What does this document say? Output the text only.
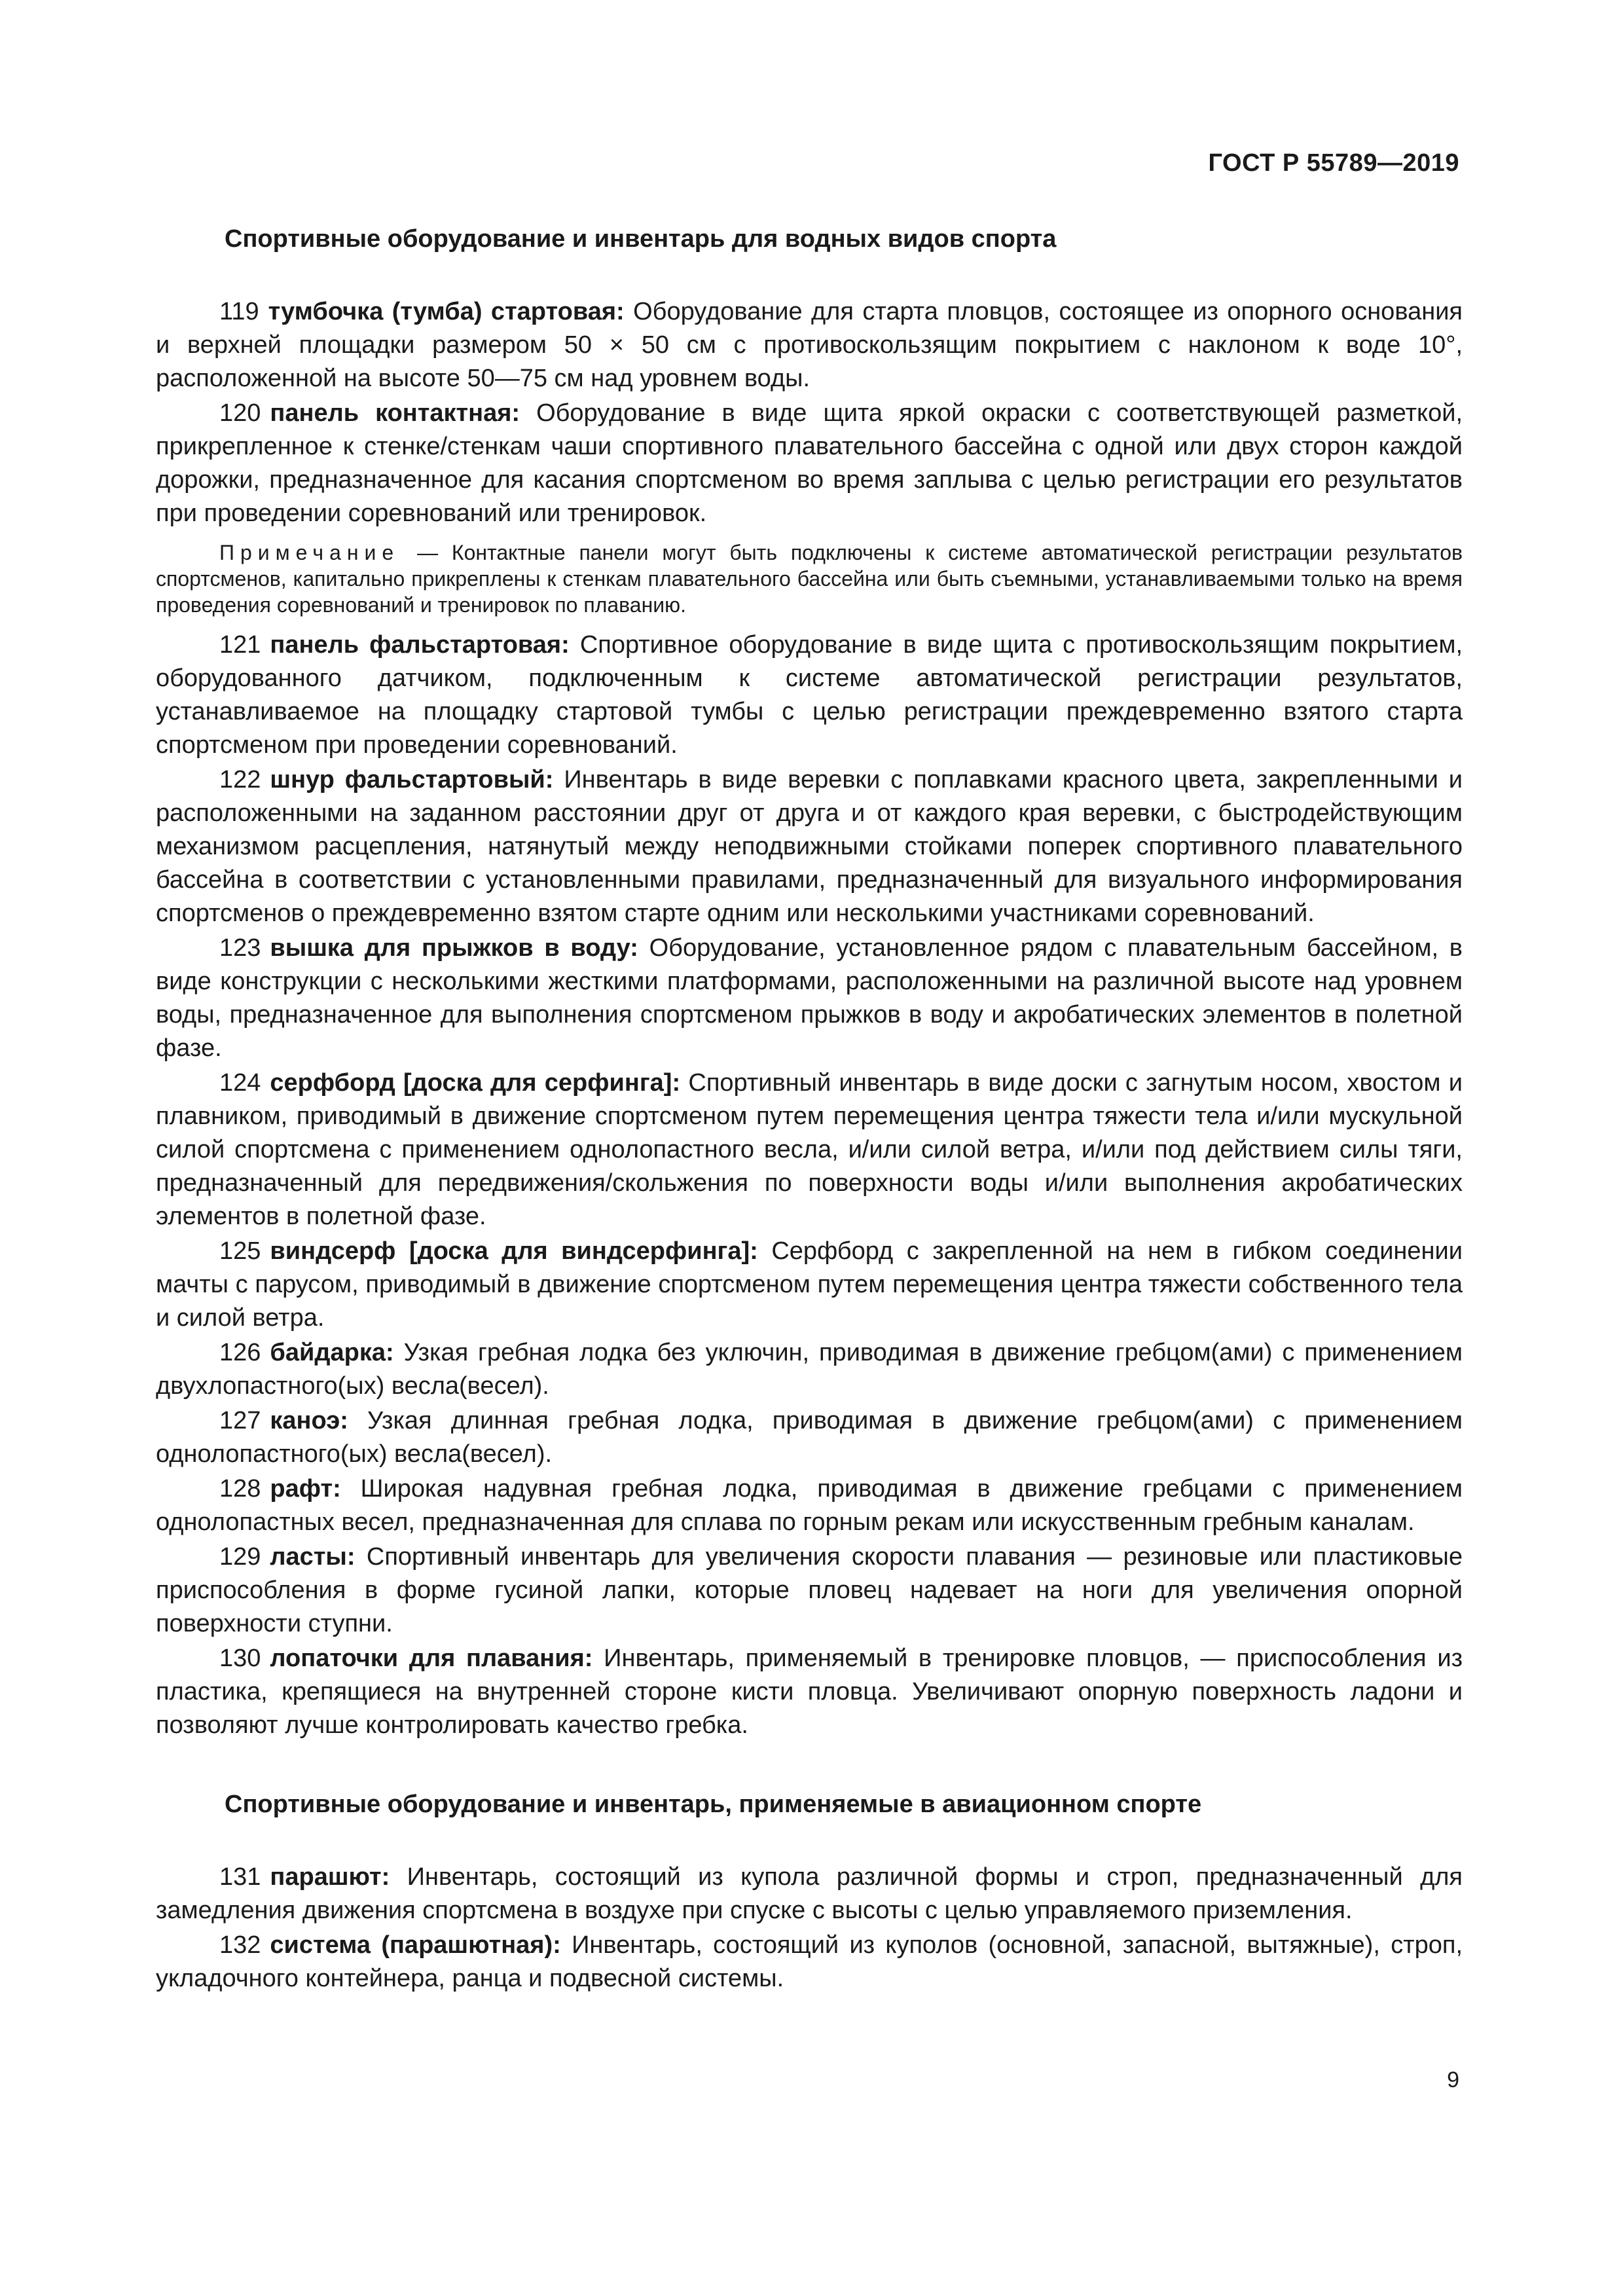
ГОСТ Р 55789—2019
Спортивные оборудование и инвентарь для водных видов спорта

119 тумбочка (тумба) стартовая: Оборудование для старта пловцов, состоящее из опорного основания и верхней площадки размером 50 × 50 см с противоскользящим покрытием с наклоном к воде 10°, расположенной на высоте 50—75 см над уровнем воды.

120 панель контактная: Оборудование в виде щита яркой окраски с соответствующей разметкой, прикрепленное к стенке/стенкам чаши спортивного плавательного бассейна с одной или двух сторон каждой дорожки, предназначенное для касания спортсменом во время заплыва с целью регистрации его результатов при проведении соревнований или тренировок.

Примечание — Контактные панели могут быть подключены к системе автоматической регистрации результатов спортсменов, капитально прикреплены к стенкам плавательного бассейна или быть съемными, устанавливаемыми только на время проведения соревнований и тренировок по плаванию.

121 панель фальстартовая: Спортивное оборудование в виде щита с противоскользящим покрытием, оборудованного датчиком, подключенным к системе автоматической регистрации результатов, устанавливаемое на площадку стартовой тумбы с целью регистрации преждевременно взятого старта спортсменом при проведении соревнований.

122 шнур фальстартовый: Инвентарь в виде веревки с поплавками красного цвета, закрепленными и расположенными на заданном расстоянии друг от друга и от каждого края веревки, с быстродействующим механизмом расцепления, натянутый между неподвижными стойками поперек спортивного плавательного бассейна в соответствии с установленными правилами, предназначенный для визуального информирования спортсменов о преждевременно взятом старте одним или несколькими участниками соревнований.

123 вышка для прыжков в воду: Оборудование, установленное рядом с плавательным бассейном, в виде конструкции с несколькими жесткими платформами, расположенными на различной высоте над уровнем воды, предназначенное для выполнения спортсменом прыжков в воду и акробатических элементов в полетной фазе.

124 серфборд [доска для серфинга]: Спортивный инвентарь в виде доски с загнутым носом, хвостом и плавником, приводимый в движение спортсменом путем перемещения центра тяжести тела и/или мускульной силой спортсмена с применением однолопастного весла, и/или силой ветра, и/или под действием силы тяги, предназначенный для передвижения/скольжения по поверхности воды и/или выполнения акробатических элементов в полетной фазе.

125 виндсерф [доска для виндсерфинга]: Серфборд с закрепленной на нем в гибком соединении мачты с парусом, приводимый в движение спортсменом путем перемещения центра тяжести собственного тела и силой ветра.

126 байдарка: Узкая гребная лодка без уключин, приводимая в движение гребцом(ами) с применением двухлопастного(ых) весла(весел).

127 каноэ: Узкая длинная гребная лодка, приводимая в движение гребцом(ами) с применением однолопастного(ых) весла(весел).

128 рафт: Широкая надувная гребная лодка, приводимая в движение гребцами с применением однолопастных весел, предназначенная для сплава по горным рекам или искусственным гребным каналам.

129 ласты: Спортивный инвентарь для увеличения скорости плавания — резиновые или пластиковые приспособления в форме гусиной лапки, которые пловец надевает на ноги для увеличения опорной поверхности ступни.

130 лопаточки для плавания: Инвентарь, применяемый в тренировке пловцов, — приспособления из пластика, крепящиеся на внутренней стороне кисти пловца. Увеличивают опорную поверхность ладони и позволяют лучше контролировать качество гребка.

Спортивные оборудование и инвентарь, применяемые в авиационном спорте

131 парашют: Инвентарь, состоящий из купола различной формы и строп, предназначенный для замедления движения спортсмена в воздухе при спуске с высоты с целью управляемого приземления.

132 система (парашютная): Инвентарь, состоящий из куполов (основной, запасной, вытяжные), строп, укладочного контейнера, ранца и подвесной системы.

9
